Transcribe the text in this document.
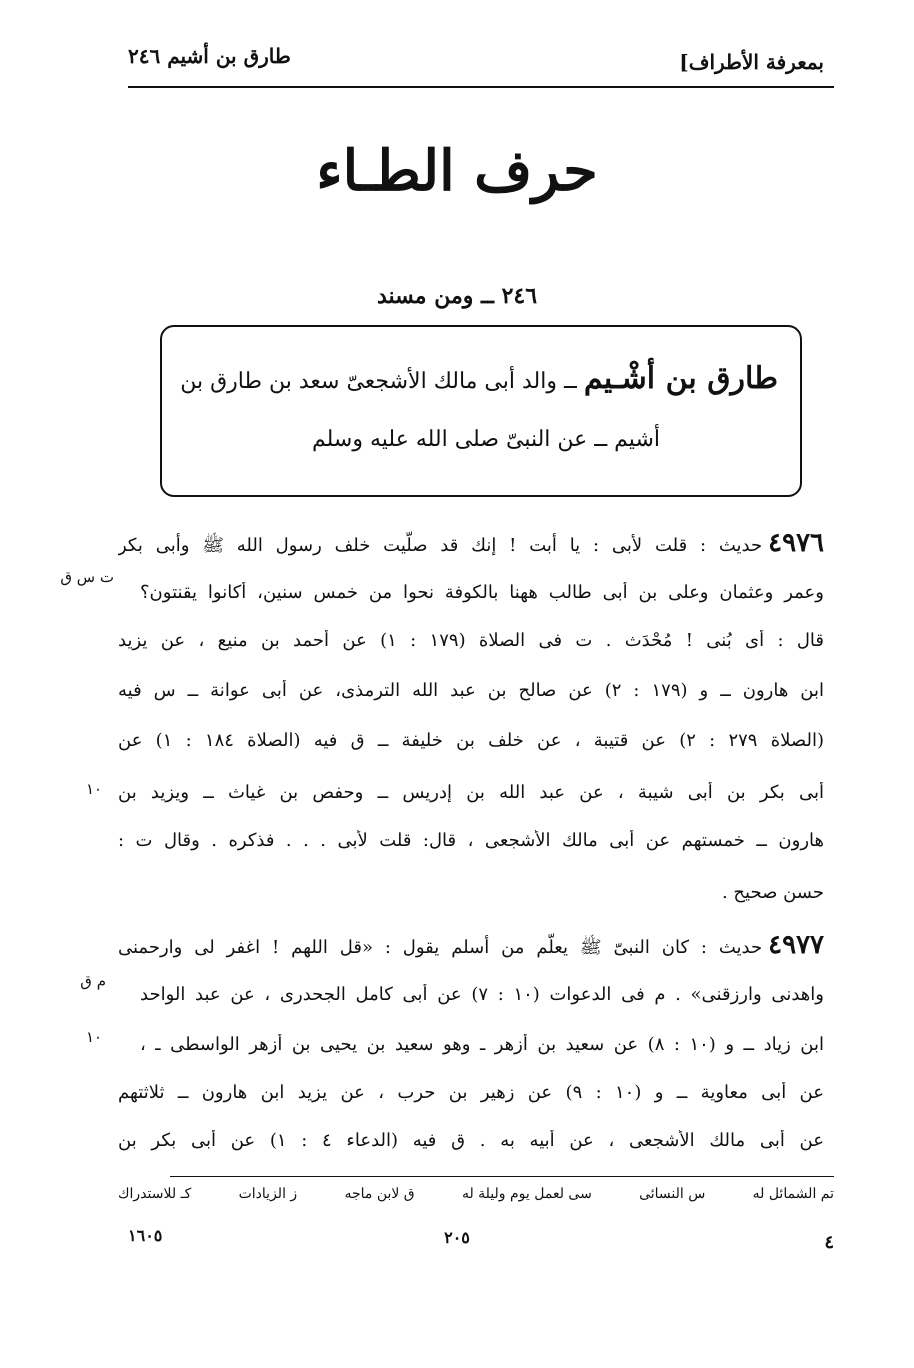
بمعرفة الأطراف]
طارق بن أشيم ٢٤٦
حرف الطـاء
٢٤٦ ــ ومن مسند
طارق بن أشْـيم ــ والد أبى مالك الأشجعىّ سعد بن طارق بن
أشيم ــ عن النبىّ صلى الله عليه وسلم
٤٩٧٦حديث : قلت لأبى : يا أبت ! إنك قد صلّيت خلف رسول الله ﷺ وأبى بكر
ت س ق
وعمر وعثمان وعلى بن أبى طالب ههنا بالكوفة نحوا من خمس سنين، أكانوا يقنتون؟
قال : أى بُنى ! مُحْدَث . ت فى الصلاة (١٧٩ : ١) عن أحمد بن منيع ، عن يزيد
ابن هارون ــ و (١٧٩ : ٢) عن صالح بن عبد الله الترمذى، عن أبى عوانة ــ س فيه
(الصلاة ٢٧٩ : ٢) عن قتيبة ، عن خلف بن خليفة ــ ق فيه (الصلاة ١٨٤ : ١) عن
أبى بكر بن أبى شيبة ، عن عبد الله بن إدريس ــ وحفص بن غياث ــ ويزيد بن
١٠
هارون ــ خمستهم عن أبى مالك الأشجعى ، قال: قلت لأبى . . . فذكره . وقال ت :
حسن صحيح .
٤٩٧٧حديث : كان النبىّ ﷺ يعلّم من أسلم يقول : «قل اللهم ! اغفر لى وارحمنى
م ق
واهدنى وارزقنى» . م فى الدعوات (١٠ : ٧) عن أبى كامل الجحدرى ، عن عبد الواحد
ابن زياد ــ و (١٠ : ٨) عن سعيد بن أزهر ـ وهو سعيد بن يحيى بن أزهر الواسطى ـ ،
١٠
عن أبى معاوية ــ و (١٠ : ٩) عن زهير بن حرب ، عن يزيد ابن هارون ــ ثلاثتهم
عن أبى مالك الأشجعى ، عن أبيه به . ق فيه (الدعاء ٤ : ١) عن أبى بكر بن
تم الشمائل له
س النسائى
سى لعمل يوم وليلة له
ق لابن ماجه
ز الزيادات
كـ للاستدراك
٢٠٥
١٦٠٥	٤
